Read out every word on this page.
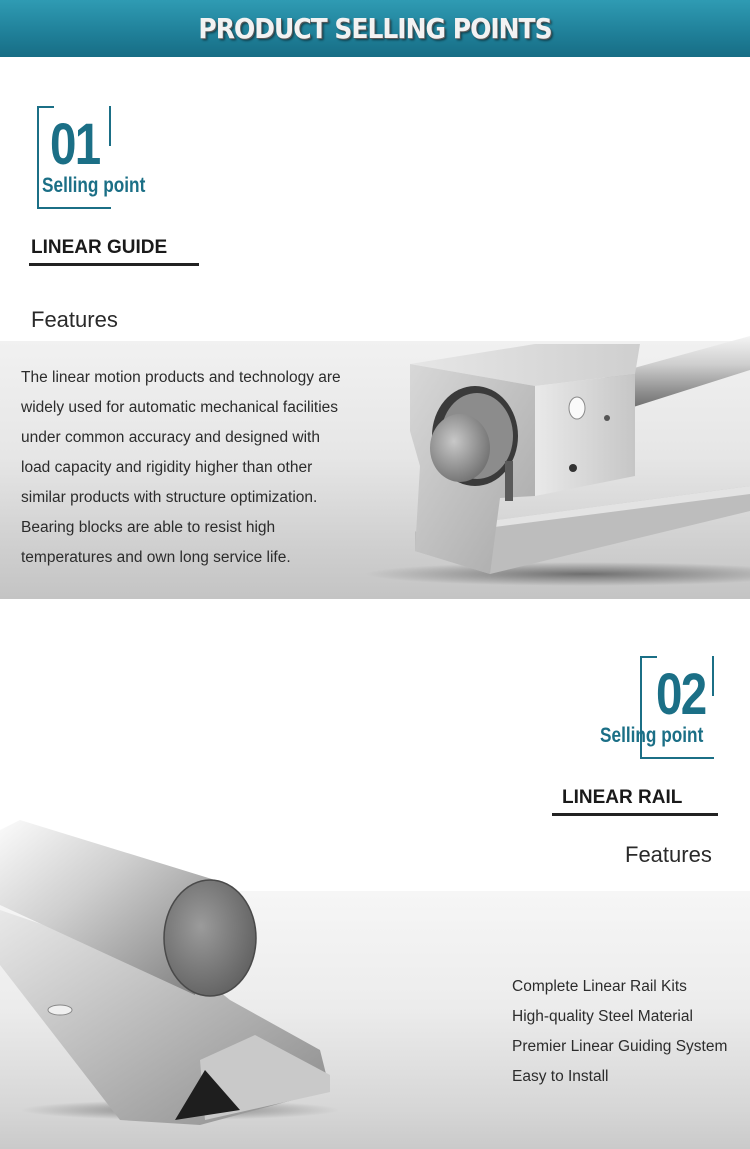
PRODUCT SELLING POINTS
01
Selling point
LINEAR GUIDE
Features
The linear motion products and technology are
widely used for automatic mechanical facilities
under common accuracy and designed with
load capacity and rigidity higher than other
similar products with structure optimization.
Bearing blocks are able to resist high
temperatures and own long service life.
02
Selling point
LINEAR RAIL
Features
Complete Linear Rail Kits
High-quality Steel Material
Premier Linear Guiding System
Easy to Install
